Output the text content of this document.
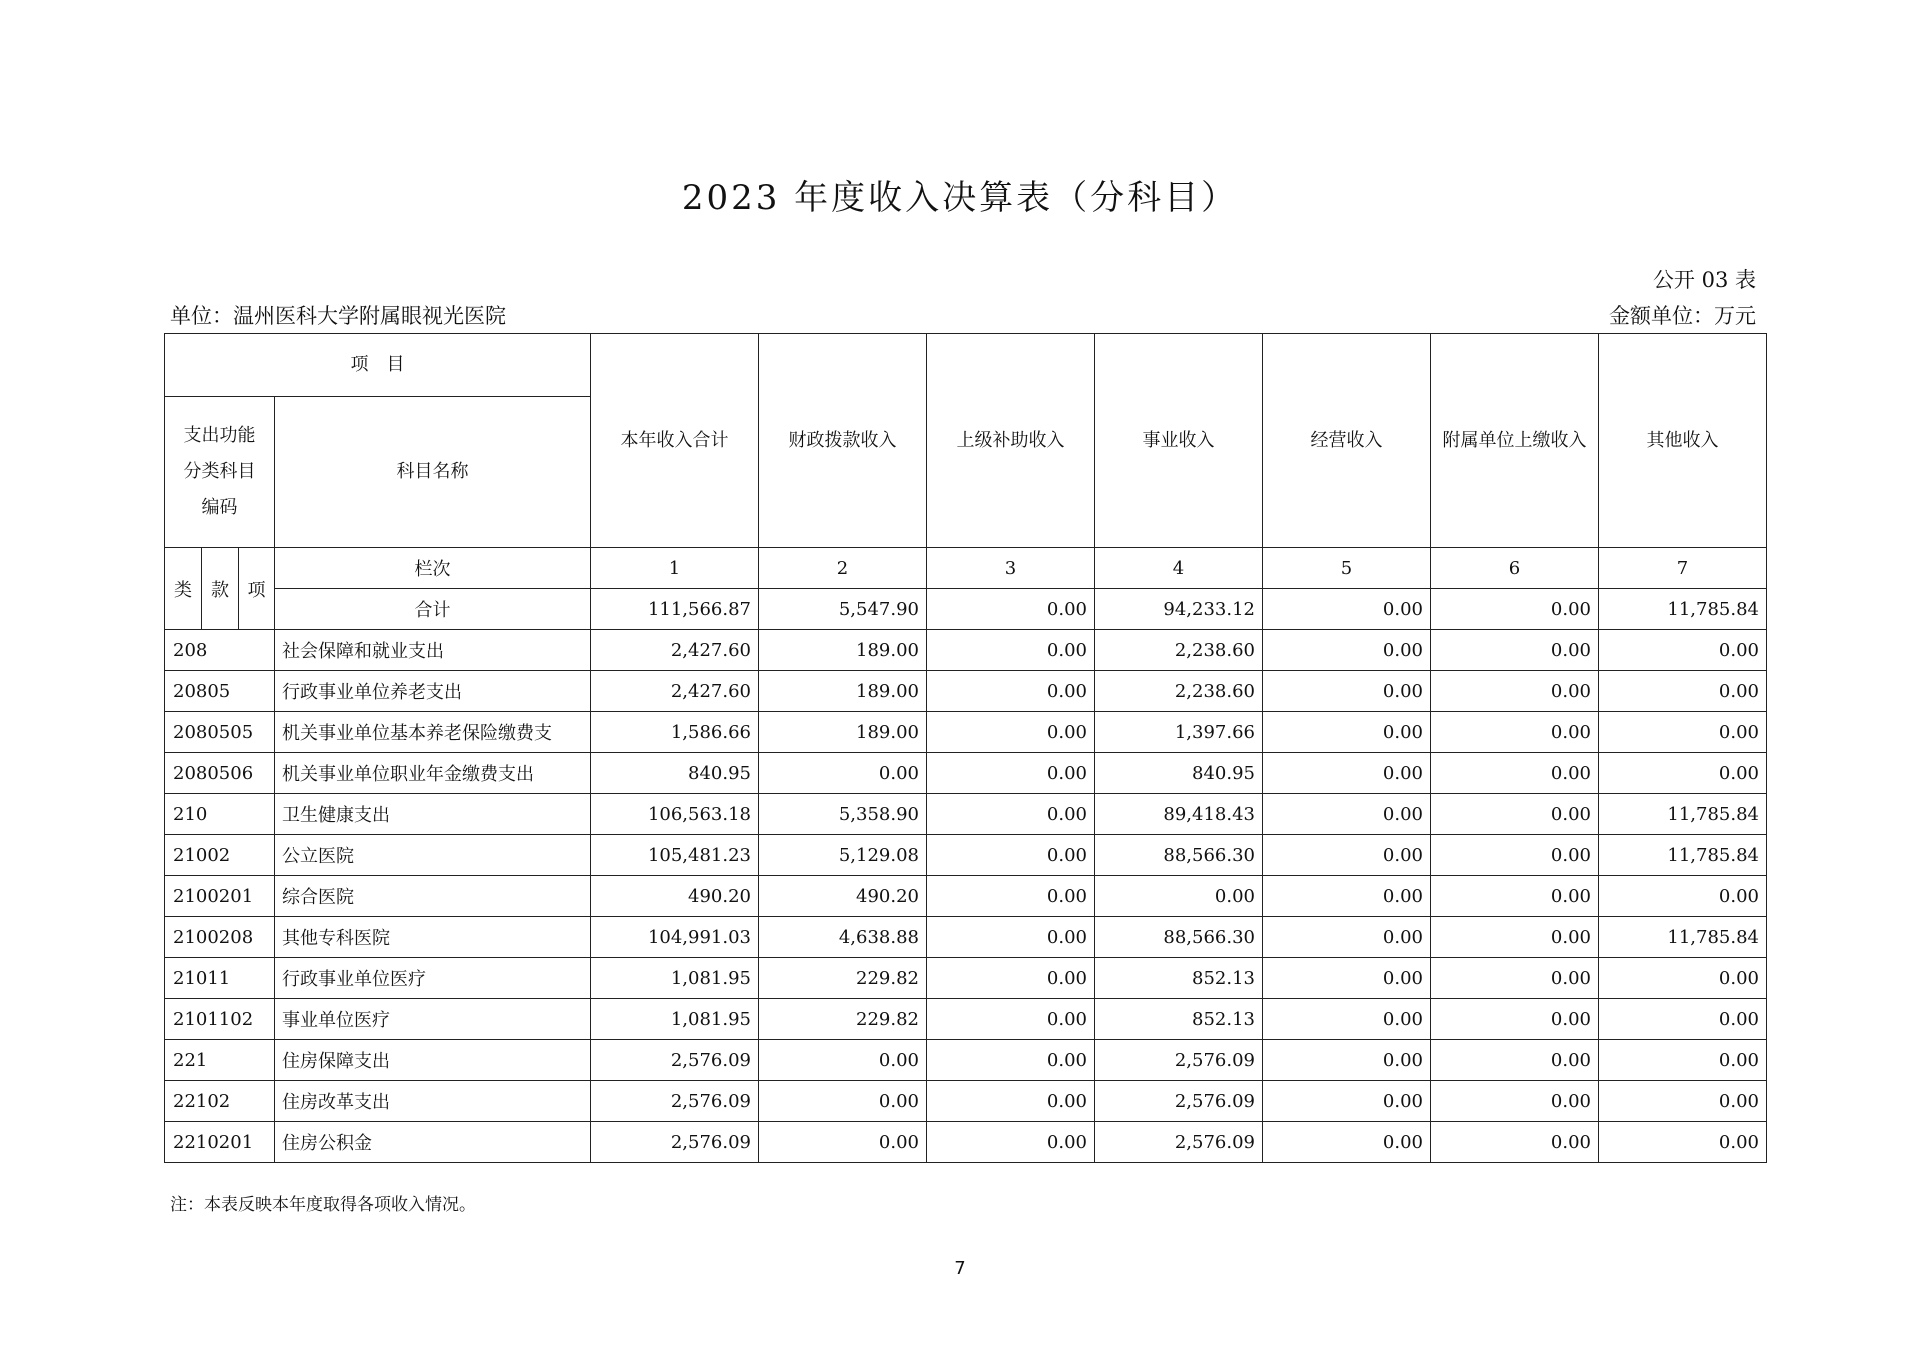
2023 年度收入决算表（分科目）
公开 03 表
单位：温州医科大学附属眼视光医院	金额单位：万元
项　目				本年收入合计	财政拨款收入	上级补助收入	事业收入	经营收入	附属单位上缴收入	其他收入
支出功能分类科目编码			科目名称							
类	款	项	栏次	1	2	3	4	5	6	7
			合计	111,566.87	5,547.90	0.00	94,233.12	0.00	0.00	11,785.84
208			社会保障和就业支出	2,427.60	189.00	0.00	2,238.60	0.00	0.00	0.00
20805			行政事业单位养老支出	2,427.60	189.00	0.00	2,238.60	0.00	0.00	0.00
2080505			机关事业单位基本养老保险缴费支	1,586.66	189.00	0.00	1,397.66	0.00	0.00	0.00
2080506			机关事业单位职业年金缴费支出	840.95	0.00	0.00	840.95	0.00	0.00	0.00
210			卫生健康支出	106,563.18	5,358.90	0.00	89,418.43	0.00	0.00	11,785.84
21002			公立医院	105,481.23	5,129.08	0.00	88,566.30	0.00	0.00	11,785.84
2100201			综合医院	490.20	490.20	0.00	0.00	0.00	0.00	0.00
2100208			其他专科医院	104,991.03	4,638.88	0.00	88,566.30	0.00	0.00	11,785.84
21011			行政事业单位医疗	1,081.95	229.82	0.00	852.13	0.00	0.00	0.00
2101102			事业单位医疗	1,081.95	229.82	0.00	852.13	0.00	0.00	0.00
221			住房保障支出	2,576.09	0.00	0.00	2,576.09	0.00	0.00	0.00
22102			住房改革支出	2,576.09	0.00	0.00	2,576.09	0.00	0.00	0.00
2210201			住房公积金	2,576.09	0.00	0.00	2,576.09	0.00	0.00	0.00
注：本表反映本年度取得各项收入情况。
7
